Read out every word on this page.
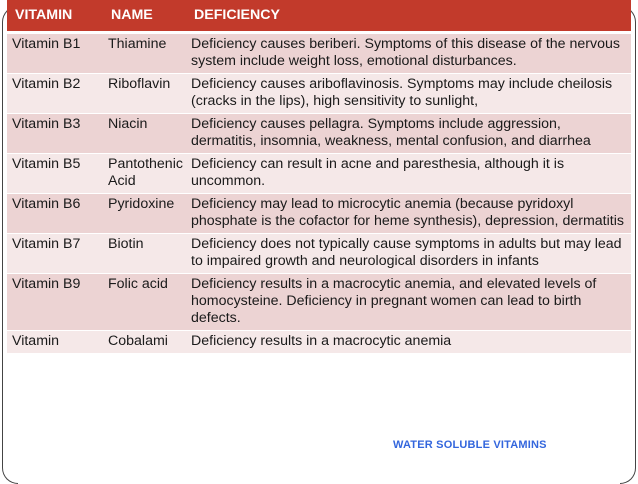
VITAMIN	NAME	DEFICIENCY
Vitamin B1	Thiamine	Deficiency causes beriberi. Symptoms of this disease of the nervous system include weight loss, emotional disturbances.
Vitamin B2	Riboflavin	Deficiency causes ariboflavinosis. Symptoms may include cheilosis (cracks in the lips), high sensitivity to sunlight,
Vitamin B3	Niacin	Deficiency causes pellagra. Symptoms include aggression, dermatitis, insomnia, weakness, mental confusion, and diarrhea
Vitamin B5	Pantothenic Acid	Deficiency can result in acne and paresthesia, although it is uncommon.
Vitamin B6	Pyridoxine	Deficiency may lead to microcytic anemia (because pyridoxyl phosphate is the cofactor for heme synthesis), depression, dermatitis
Vitamin B7	Biotin	Deficiency does not typically cause symptoms in adults but may lead to impaired growth and neurological disorders in infants
Vitamin B9	Folic acid	Deficiency results in a macrocytic anemia, and elevated levels of homocysteine. Deficiency in pregnant women can lead to birth defects.
Vitamin	Cobalami	Deficiency results in a macrocytic anemia
WATER SOLUBLE VITAMINS
